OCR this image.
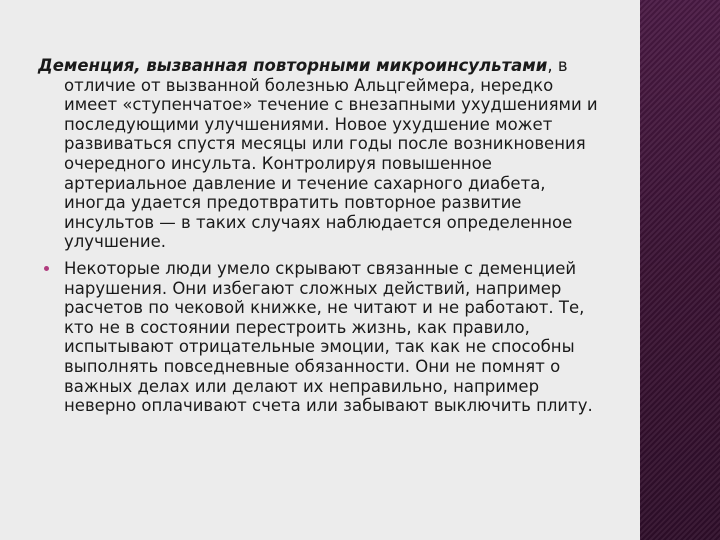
Деменция, вызванная повторными микроинсультами, в отличие от вызванной болезнью Альцгеймера, нередко имеет «ступенчатое» течение с внезапными ухудшениями и последующими улучшениями. Новое ухудшение может развиваться спустя месяцы или годы после возникновения очередного инсульта. Контролируя повышенное артериальное давление и течение сахарного диабета, иногда удается предотвратить повторное развитие инсультов — в таких случаях наблюдается определенное улучшение.

Некоторые люди умело скрывают связанные с деменцией нарушения. Они избегают сложных действий, например расчетов по чековой книжке, не читают и не работают. Те, кто не в состоянии перестроить жизнь, как правило, испытывают отрицательные эмоции, так как не способны выполнять повседневные обязанности. Они не помнят о важных делах или делают их неправильно, например неверно оплачивают счета или забывают выключить плиту.
